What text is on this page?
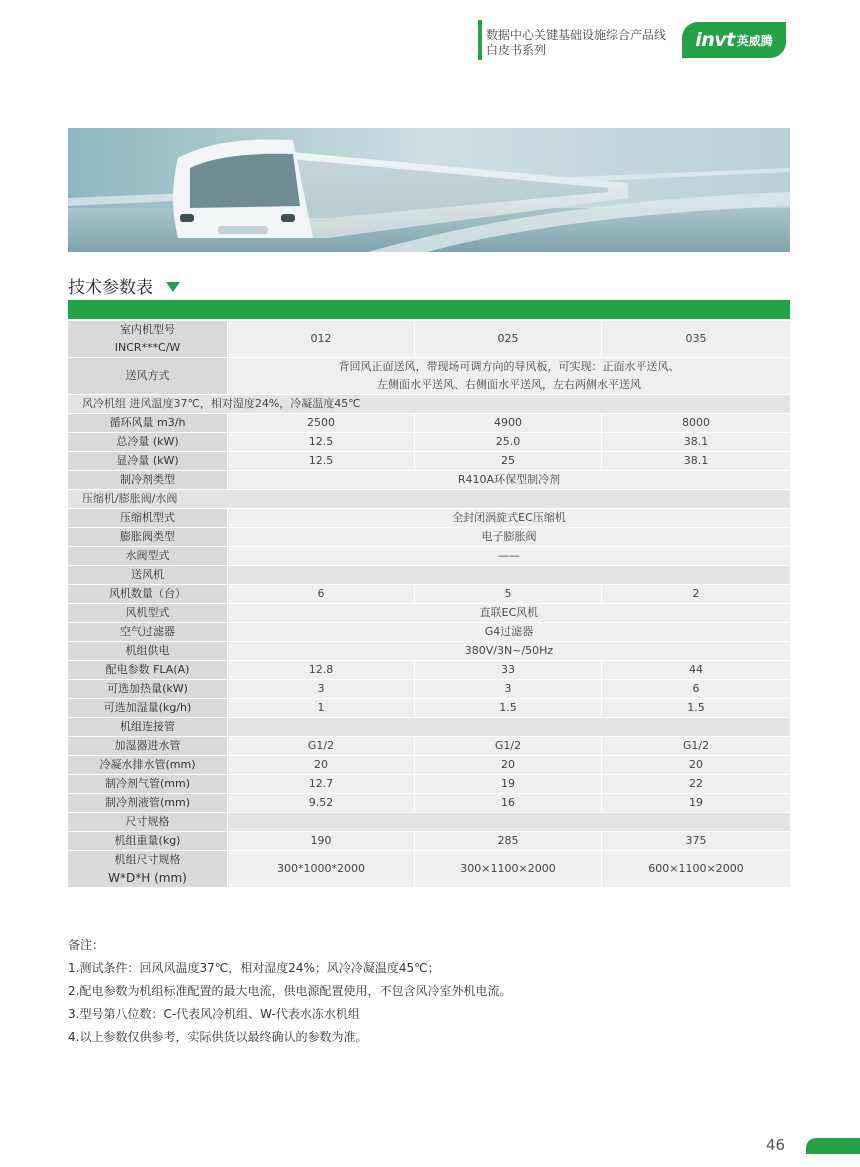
数据中心关键基础设施综合产品线
白皮书系列	invt 英威腾
技术参数表
室内机型号
INCR***C/W	012	025	035
送风方式	背回风正面送风，带现场可调方向的导风板，可实现：正面水平送风、
左侧面水平送风、右侧面水平送风，左右两侧水平送风		

风冷机组 进风温度37℃，相对湿度24%，冷凝温度45℃			
循环风量 m3/h	2500	4900	8000
总冷量 (kW)	12.5	25.0	38.1
显冷量 (kW)	12.5	25	38.1
制冷剂类型	R410A环保型制冷剂		
压缩机/膨胀阀/水阀			
压缩机型式	全封闭涡旋式EC压缩机		
膨胀阀类型	电子膨胀阀		
水阀型式	——		
送风机			
风机数量（台）	6	5	2
风机型式	直联EC风机		
空气过滤器	G4过滤器		
机组供电	380V/3N~/50Hz		
配电参数 FLA(A)	12.8	33	44
可选加热量(kW)	3	3	6
可选加湿量(kg/h)	1	1.5	1.5
机组连接管			
加湿器进水管	G1/2	G1/2	G1/2
冷凝水排水管(mm)	20	20	20
制冷剂气管(mm)	12.7	19	22
制冷剂液管(mm)	9.52	16	19
尺寸规格			
机组重量(kg)	190	285	375

机组尺寸规格
W*D*H (mm)	300*1000*2000	300×1100×2000	600×1100×2000
备注：
1.测试条件：回风风温度37℃，相对湿度24%；风冷冷凝温度45℃；
2.配电参数为机组标准配置的最大电流，供电源配置使用，不包含风冷室外机电流。
3.型号第八位数：C-代表风冷机组、W-代表水冻水机组
4.以上参数仅供参考，实际供货以最终确认的参数为准。
46
